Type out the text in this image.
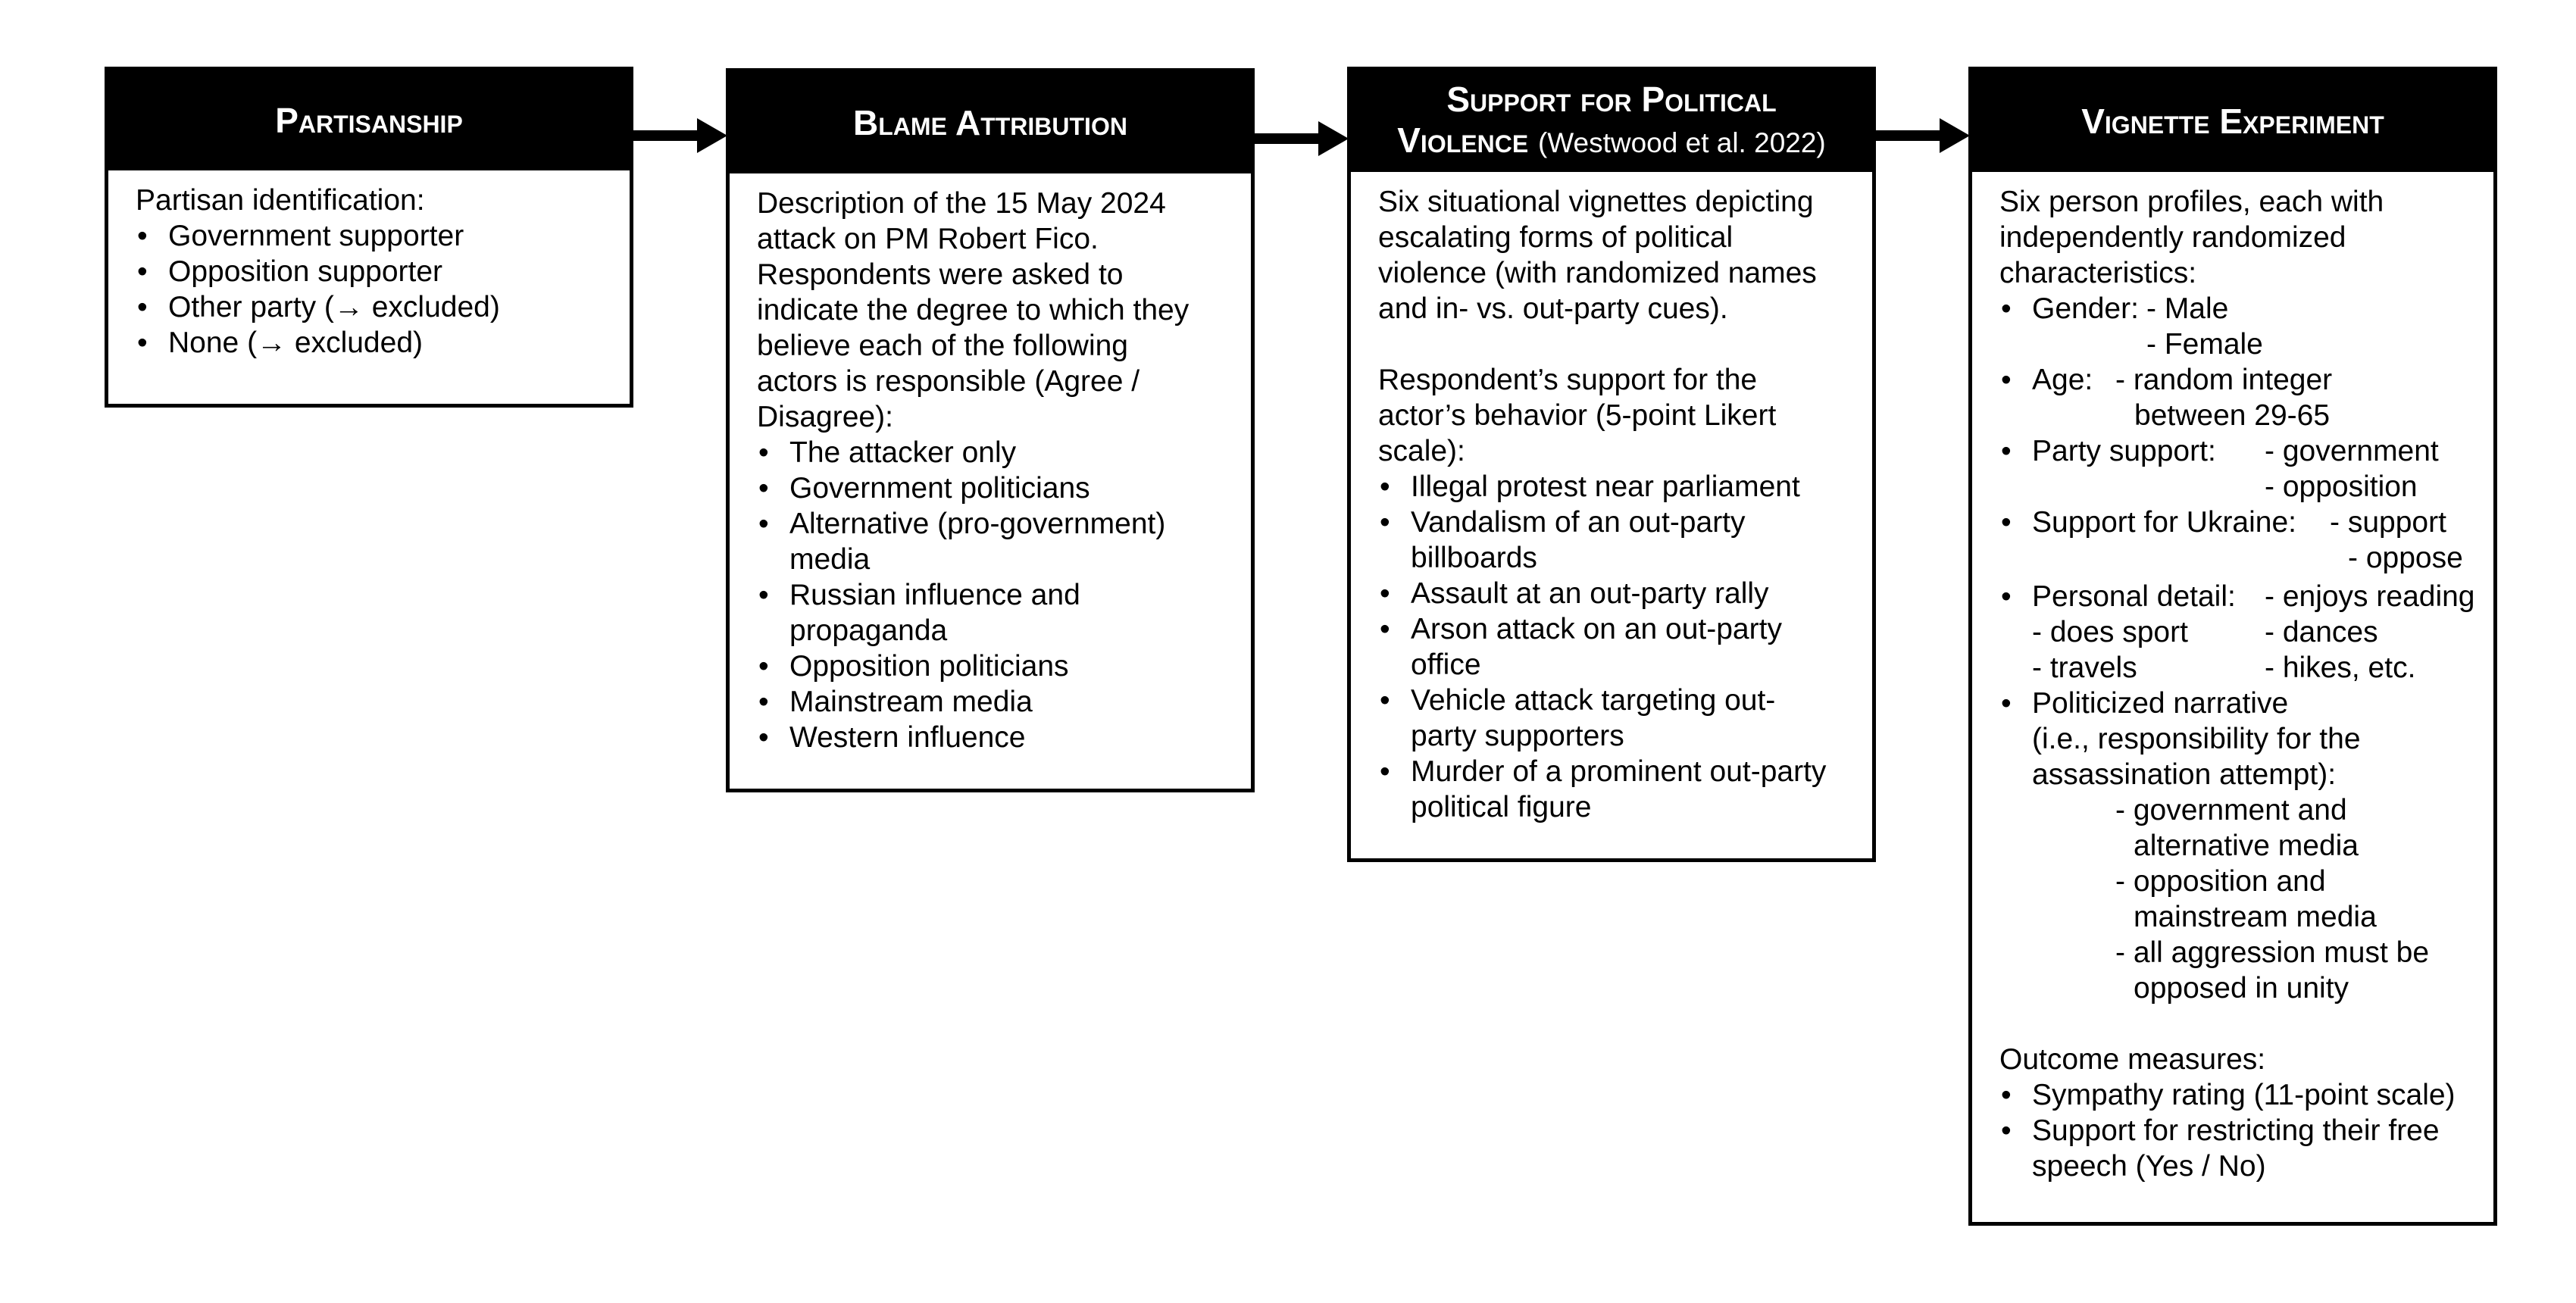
Partisanship

Partisan identification:

• Government supporter
• Opposition supporter
• Other party (→ excluded)
• None (→ excluded)
Blame Attribution

Description of the 15 May 2024
attack on PM Robert Fico.
Respondents were asked to
indicate the degree to which they
believe each of the following
actors is responsible (Agree /
Disagree):

• The attacker only
• Government politicians
• Alternative (pro-government)
media
• Russian influence and
propaganda
• Opposition politicians
• Mainstream media
• Western influence
Support for Political
Violence (Westwood et al. 2022)

Six situational vignettes depicting
escalating forms of political
violence (with randomized names
and in- vs. out-party cues).

Respondent’s support for the
actor’s behavior (5-point Likert
scale):

• Illegal protest near parliament
• Vandalism of an out-party
billboards
• Assault at an out-party rally
• Arson attack on an out-party
office
• Vehicle attack targeting out-
party supporters
• Murder of a prominent out-party
political figure
Vignette Experiment

Six person profiles, each with
independently randomized
characteristics:

• Gender: - Male
- Female
• Age: - random integer
between 29-65
• Party support: - government
- opposition
• Support for Ukraine: - support
- oppose
• Personal detail: - enjoys reading
- does sport	- dances
- travels	- hikes, etc.
• Politicized narrative
(i.e., responsibility for the
assassination attempt):
- government and
alternative media
- opposition and
mainstream media
- all aggression must be
opposed in unity

Outcome measures:

• Sympathy rating (11-point scale)
• Support for restricting their free
speech (Yes / No)
